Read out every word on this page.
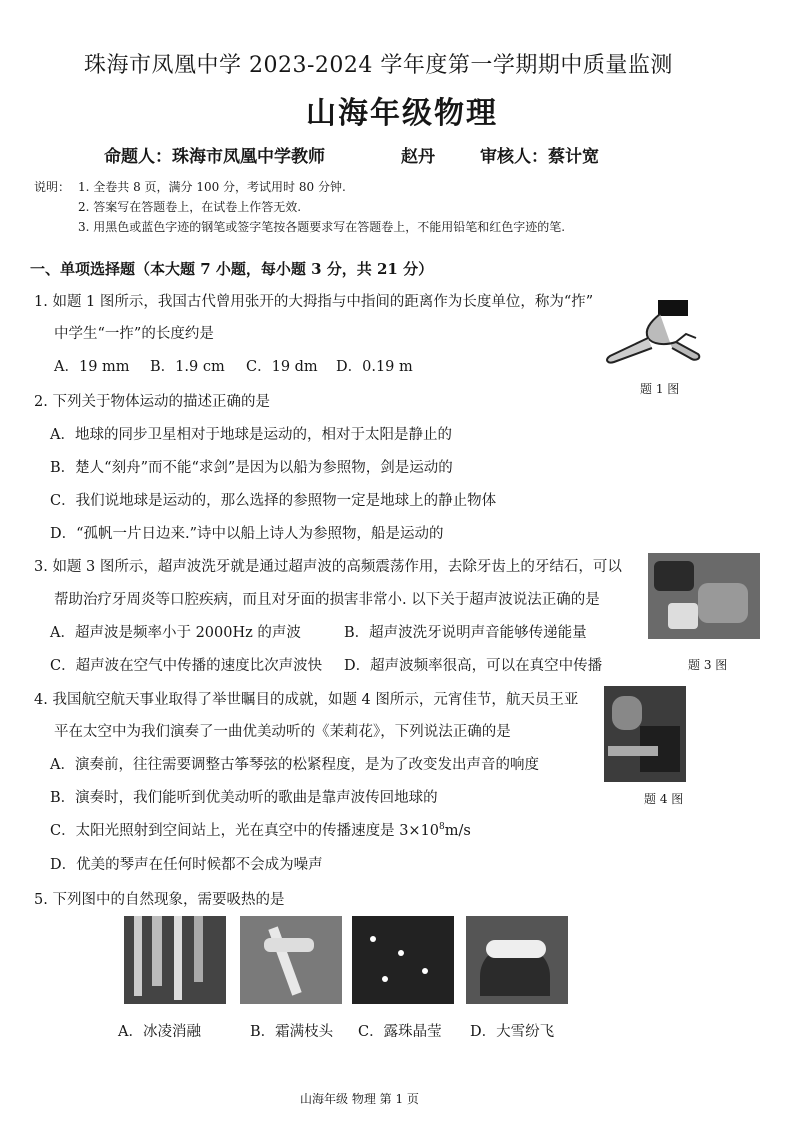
珠海市凤凰中学 2023-2024 学年度第一学期期中质量监测
山海年级物理
命题人：珠海市凤凰中学教师	赵丹	审核人：蔡计宽
说明： 1. 全卷共 8 页，满分 100 分，考试用时 80 分钟.
2. 答案写在答题卷上，在试卷上作答无效.
3. 用黑色或蓝色字迹的钢笔或签字笔按各题要求写在答题卷上，不能用铅笔和红色字迹的笔.
一、单项选择题（本大题 7 小题，每小题 3 分，共 21 分）
1. 如题 1 图所示，我国古代曾用张开的大拇指与中指间的距离作为长度单位，称为“拃”
中学生“一拃”的长度约是
A．19 mm B．1.9 cm C．19 dm D．0.19 m
题 1 图
2. 下列关于物体运动的描述正确的是
A．地球的同步卫星相对于地球是运动的，相对于太阳是静止的
B．楚人“刻舟”而不能“求剑”是因为以船为参照物，剑是运动的
C．我们说地球是运动的，那么选择的参照物一定是地球上的静止物体
D．“孤帆一片日边来.”诗中以船上诗人为参照物，船是运动的
3. 如题 3 图所示，超声波洗牙就是通过超声波的高频震荡作用，去除牙齿上的牙结石，可以
帮助治疗牙周炎等口腔疾病，而且对牙面的损害非常小. 以下关于超声波说法正确的是
A．超声波是频率小于 2000Hz 的声波	B．超声波洗牙说明声音能够传递能量
C．超声波在空气中传播的速度比次声波快 D．超声波频率很高，可以在真空中传播	题 3 图
4. 我国航空航天事业取得了举世瞩目的成就，如题 4 图所示，元宵佳节，航天员王亚
平在太空中为我们演奏了一曲优美动听的《茉莉花》，下列说法正确的是
A．演奏前，往往需要调整古筝琴弦的松紧程度，是为了改变发出声音的响度
B．演奏时，我们能听到优美动听的歌曲是靠声波传回地球的
C．太阳光照射到空间站上，光在真空中的传播速度是 $3\times 10^8m/s$
D．优美的琴声在任何时候都不会成为噪声
题 4 图
5. 下列图中的自然现象，需要吸热的是
A．冰凌消融	B．霜满枝头 C．露珠晶莹 D．大雪纷飞
山海年级 物理 第 1 页
